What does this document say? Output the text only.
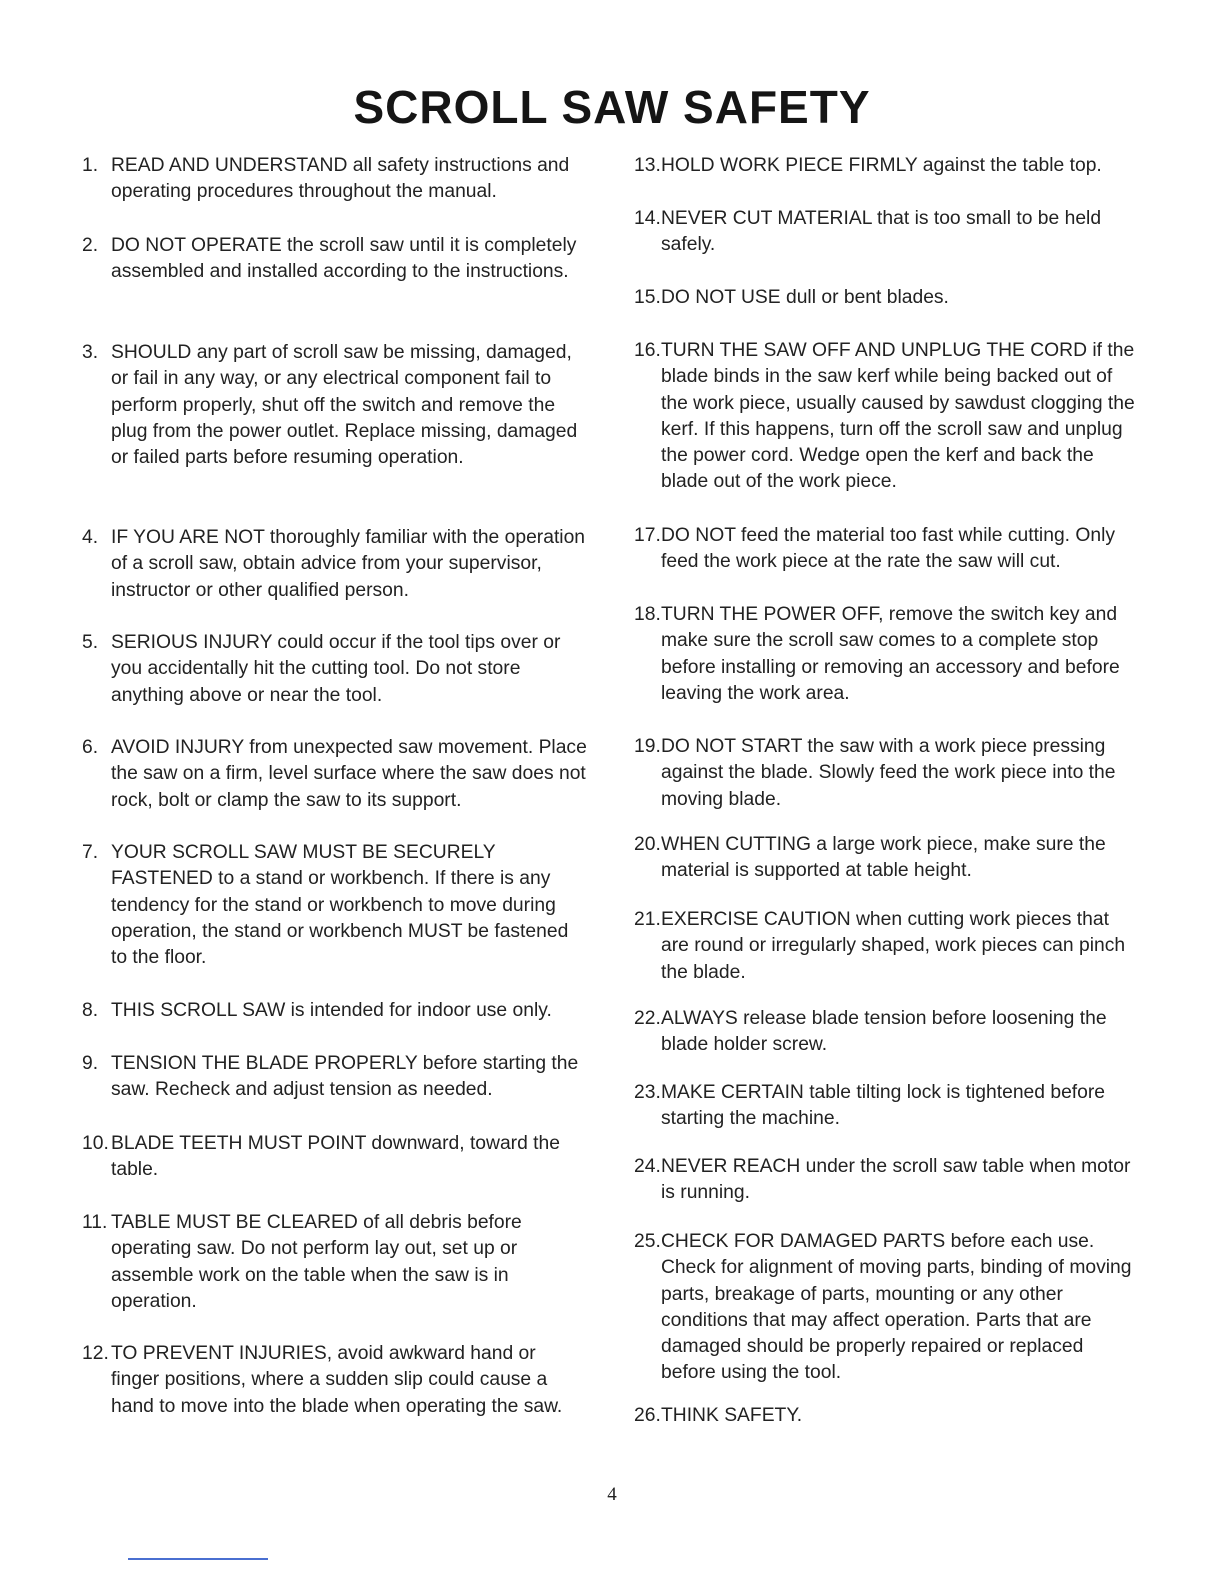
SCROLL SAW SAFETY
1. READ AND UNDERSTAND all safety instructions and operating procedures throughout the manual.
2. DO NOT OPERATE the scroll saw until it is completely assembled and installed according to the instructions.
3. SHOULD any part of scroll saw be missing, damaged, or fail in any way, or any electrical component fail to perform properly, shut off the switch and remove the plug from the power outlet. Replace missing, damaged or failed parts before resuming operation.
4. IF YOU ARE NOT thoroughly familiar with the operation of a scroll saw, obtain advice from your supervisor, instructor or other qualified person.
5. SERIOUS INJURY could occur if the tool tips over or you accidentally hit the cutting tool. Do not store anything above or near the tool.
6. AVOID INJURY from unexpected saw movement. Place the saw on a firm, level surface where the saw does not rock, bolt or clamp the saw to its support.
7. YOUR SCROLL SAW MUST BE SECURELY FASTENED to a stand or workbench. If there is any tendency for the stand or workbench to move during operation, the stand or workbench MUST be fastened to the floor.
8. THIS SCROLL SAW is intended for indoor use only.
9. TENSION THE BLADE PROPERLY before starting the saw. Recheck and adjust tension as needed.
10. BLADE TEETH MUST POINT downward, toward the table.
11. TABLE MUST BE CLEARED of all debris before operating saw. Do not perform lay out, set up or assemble work on the table when the saw is in operation.
12. TO PREVENT INJURIES, avoid awkward hand or finger positions, where a sudden slip could cause a hand to move into the blade when operating the saw.
13. HOLD WORK PIECE FIRMLY against the table top.
14. NEVER CUT MATERIAL that is too small to be held safely.
15. DO NOT USE dull or bent blades.
16. TURN THE SAW OFF AND UNPLUG THE CORD if the blade binds in the saw kerf while being backed out of the work piece, usually caused by sawdust clogging the kerf. If this happens, turn off the scroll saw and unplug the power cord. Wedge open the kerf and back the blade out of the work piece.
17. DO NOT feed the material too fast while cutting. Only feed the work piece at the rate the saw will cut.
18. TURN THE POWER OFF, remove the switch key and make sure the scroll saw comes to a complete stop before installing or removing an accessory and before leaving the work area.
19. DO NOT START the saw with a work piece pressing against the blade. Slowly feed the work piece into the moving blade.
20. WHEN CUTTING a large work piece, make sure the material is supported at table height.
21. EXERCISE CAUTION when cutting work pieces that are round or irregularly shaped, work pieces can pinch the blade.
22. ALWAYS release blade tension before loosening the blade holder screw.
23. MAKE CERTAIN table tilting lock is tightened before starting the machine.
24. NEVER REACH under the scroll saw table when motor is running.
25. CHECK FOR DAMAGED PARTS before each use. Check for alignment of moving parts, binding of moving parts, breakage of parts, mounting or any other conditions that may affect operation. Parts that are damaged should be properly repaired or replaced before using the tool.
26. THINK SAFETY.
4
